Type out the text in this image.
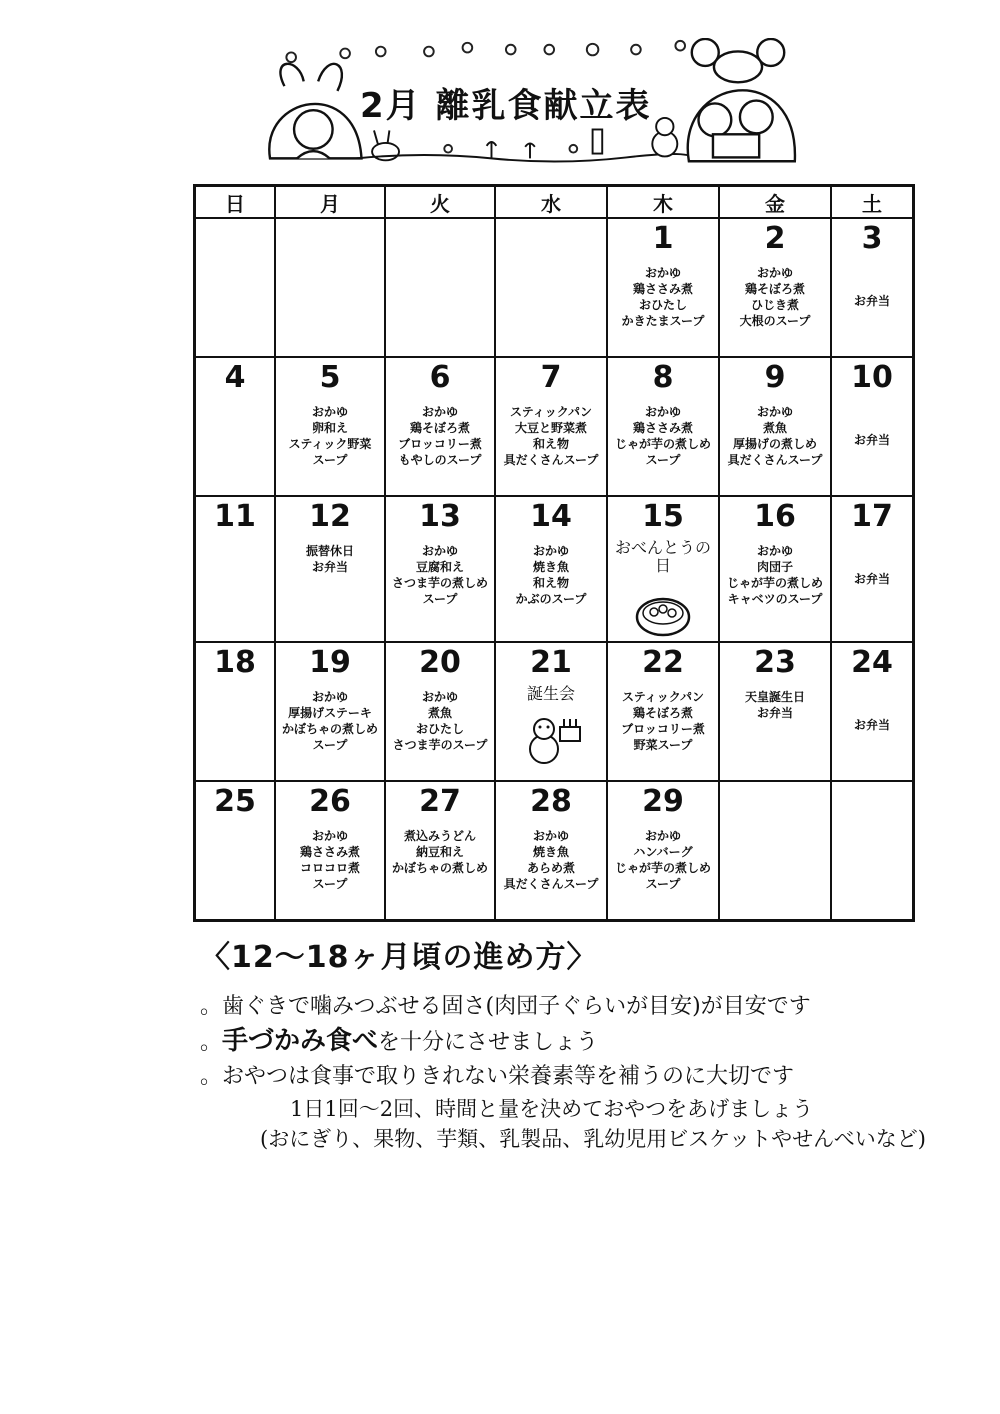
2月 離乳食献立表
日	月	火	水	木	金	土

				1
おかゆ
鶏ささみ煮
おひたし
かきたまスープ	2
おかゆ
鶏そぼろ煮
ひじき煮
大根のスープ	3
お弁当

4	5
おかゆ
卵和え
スティック野菜
スープ	6
おかゆ
鶏そぼろ煮
ブロッコリー煮
もやしのスープ	7
スティックパン
大豆と野菜煮
和え物
具だくさんスープ	8
おかゆ
鶏ささみ煮
じゃが芋の煮しめ
スープ	9
おかゆ
煮魚
厚揚げの煮しめ
具だくさんスープ	10
お弁当

11	12
振替休日
お弁当	13
おかゆ
豆腐和え
さつま芋の煮しめ
スープ	14
おかゆ
焼き魚
和え物
かぶのスープ	15
おべんとうの日	16
おかゆ
肉団子
じゃが芋の煮しめ
キャベツのスープ	17
お弁当

18	19
おかゆ
厚揚げステーキ
かぼちゃの煮しめ
スープ	20
おかゆ
煮魚
おひたし
さつま芋のスープ	21
誕生会	22
スティックパン
鶏そぼろ煮
ブロッコリー煮
野菜スープ	23
天皇誕生日
お弁当	24
お弁当

25	26
おかゆ
鶏ささみ煮
コロコロ煮
スープ	27
煮込みうどん
納豆和え
かぼちゃの煮しめ	28
おかゆ
焼き魚
あらめ煮
具だくさんスープ	29
おかゆ
ハンバーグ
じゃが芋の煮しめ
スープ		

〈12〜18ヶ月頃の進め方〉

。歯ぐきで噛みつぶせる固さ(肉団子ぐらいが目安)が目安です

。手づかみ食べを十分にさせましょう

。おやつは食事で取りきれない栄養素等を補うのに大切です

1日1回〜2回、時間と量を決めておやつをあげましょう

(おにぎり、果物、芋類、乳製品、乳幼児用ビスケットやせんべいなど)
